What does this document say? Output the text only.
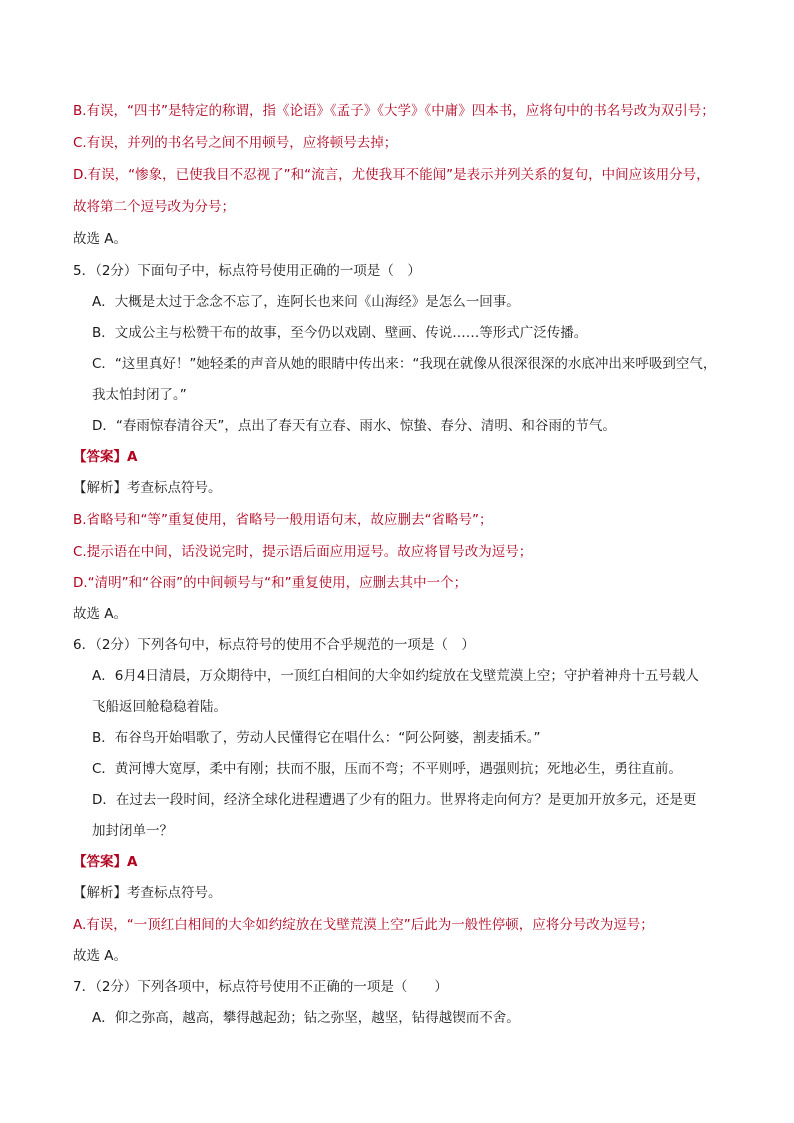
B.有误，“四书”是特定的称谓，指《论语》《孟子》《大学》《中庸》四本书，应将句中的书名号改为双引号；
C.有误，并列的书名号之间不用顿号，应将顿号去掉；
D.有误，“惨象，已使我目不忍视了”和“流言，尤使我耳不能闻”是表示并列关系的复句，中间应该用分号，
故将第二个逗号改为分号；
故选 A。
5．（2分）下面句子中，标点符号使用正确的一项是（　）
A．大概是太过于念念不忘了，连阿长也来问《山海经》是怎么一回事。
B．文成公主与松赞干布的故事，至今仍以戏剧、壁画、传说……等形式广泛传播。
C．“这里真好！”她轻柔的声音从她的眼睛中传出来：“我现在就像从很深很深的水底冲出来呼吸到空气，
我太怕封闭了。”
D．“春雨惊春清谷天”，点出了春天有立春、雨水、惊蛰、春分、清明、和谷雨的节气。
【答案】A
【解析】考查标点符号。
B.省略号和“等”重复使用，省略号一般用语句末，故应删去“省略号”；
C.提示语在中间，话没说完时，提示语后面应用逗号。故应将冒号改为逗号；
D.“清明”和“谷雨”的中间顿号与“和”重复使用，应删去其中一个；
故选 A。
6．（2分）下列各句中，标点符号的使用不合乎规范的一项是（　）
A．6月4日清晨，万众期待中，一顶红白相间的大伞如约绽放在戈壁荒漠上空；守护着神舟十五号载人
飞船返回舱稳稳着陆。
B．布谷鸟开始唱歌了，劳动人民懂得它在唱什么：“阿公阿婆，割麦插禾。”
C．黄河博大宽厚，柔中有刚；扶而不服，压而不弯；不平则呼，遇强则抗；死地必生，勇往直前。
D．在过去一段时间，经济全球化进程遭遇了少有的阻力。世界将走向何方？是更加开放多元，还是更
加封闭单一？
【答案】A
【解析】考查标点符号。
A.有误，“一顶红白相间的大伞如约绽放在戈壁荒漠上空”后此为一般性停顿，应将分号改为逗号；
故选 A。
7．（2分）下列各项中，标点符号使用不正确的一项是（　　）
A．仰之弥高，越高，攀得越起劲；钻之弥坚，越坚，钻得越锲而不舍。
